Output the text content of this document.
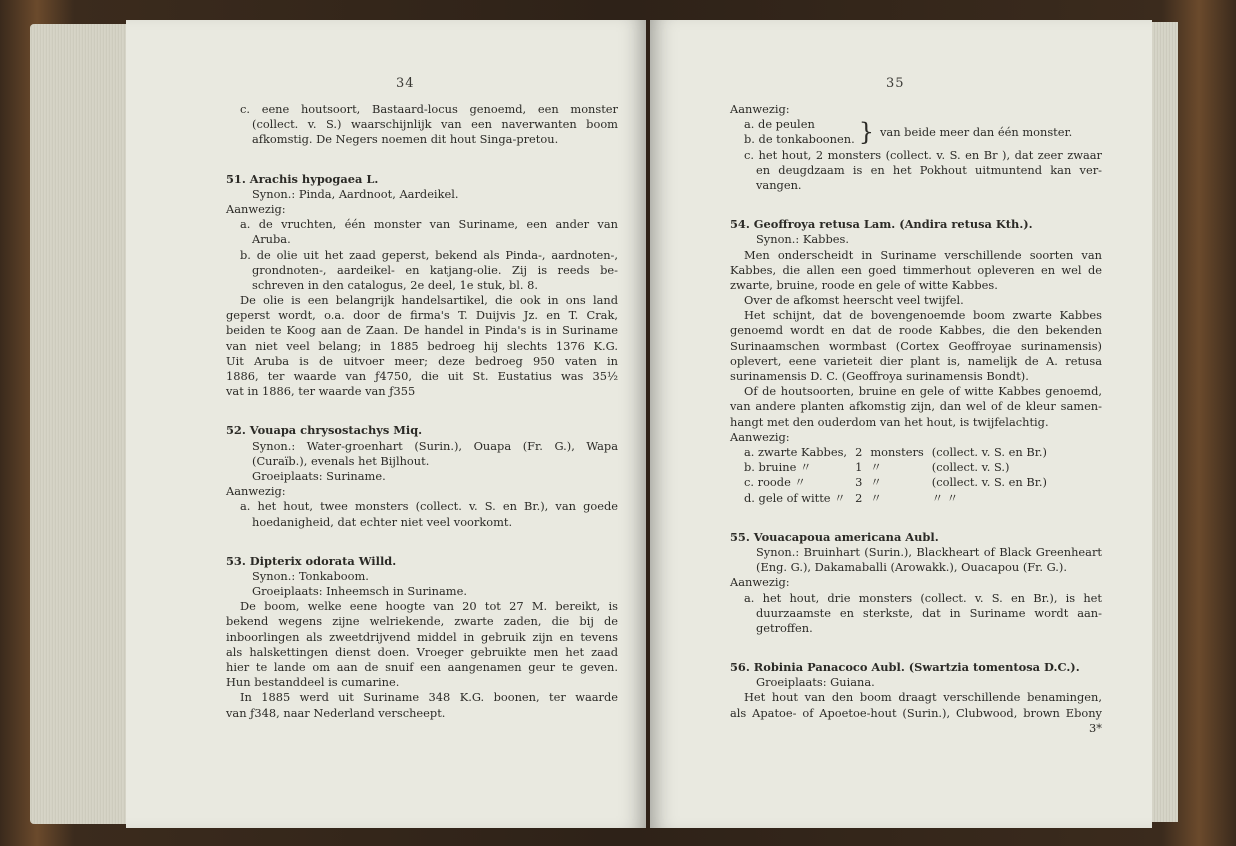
34
c. eene houtsoort, Bastaard-locus genoemd, een monster
(collect. v. S.) waarschijnlijk van een naverwanten boom
afkomstig. De Negers noemen dit hout Singa-pretou.
51. Arachis hypogaea L.
Synon.: Pinda, Aardnoot, Aardeikel.
Aanwezig:
a. de vruchten, één monster van Suriname, een ander van
Aruba.
b. de olie uit het zaad geperst, bekend als Pinda-, aardnoten-,
grondnoten-, aardeikel- en katjang-olie. Zij is reeds be-
schreven in den catalogus, 2e deel, 1e stuk, bl. 8.
De olie is een belangrijk handelsartikel, die ook in ons land
geperst wordt, o.a. door de firma's T. Duijvis Jz. en T. Crak,
beiden te Koog aan de Zaan. De handel in Pinda's is in Suriname
van niet veel belang; in 1885 bedroeg hij slechts 1376 K.G.
Uit Aruba is de uitvoer meer; deze bedroeg 950 vaten in
1886, ter waarde van ƒ4750, die uit St. Eustatius was 35½
vat in 1886, ter waarde van ƒ355
52. Vouapa chrysostachys Miq.
Synon.: Water-groenhart (Surin.), Ouapa (Fr. G.), Wapa
(Curaïb.), evenals het Bijlhout.
Groeiplaats: Suriname.
Aanwezig:
a. het hout, twee monsters (collect. v. S. en Br.), van goede
hoedanigheid, dat echter niet veel voorkomt.
53. Dipterix odorata Willd.
Synon.: Tonkaboom.
Groeiplaats: Inheemsch in Suriname.
De boom, welke eene hoogte van 20 tot 27 M. bereikt, is
bekend wegens zijne welriekende, zwarte zaden, die bij de
inboorlingen als zweetdrijvend middel in gebruik zijn en tevens
als halskettingen dienst doen. Vroeger gebruikte men het zaad
hier te lande om aan de snuif een aangenamen geur te geven.
Hun bestanddeel is cumarine.
In 1885 werd uit Suriname 348 K.G. boonen, ter waarde
van ƒ348, naar Nederland verscheept.
35
Aanwezig:
a. de peulen
b. de tonkaboonen. } van beide meer dan één monster.
c. het hout, 2 monsters (collect. v. S. en Br ), dat zeer zwaar
en deugdzaam is en het Pokhout uitmuntend kan ver-
vangen.
54. Geoffroya retusa Lam. (Andira retusa Kth.).
Synon.: Kabbes.
Men onderscheidt in Suriname verschillende soorten van
Kabbes, die allen een goed timmerhout opleveren en wel de
zwarte, bruine, roode en gele of witte Kabbes.
Over de afkomst heerscht veel twijfel.
Het schijnt, dat de bovengenoemde boom zwarte Kabbes
genoemd wordt en dat de roode Kabbes, die den bekenden
Surinaamschen wormbast (Cortex Geoffroyae surinamensis)
oplevert, eene varieteit dier plant is, namelijk de A. retusa
surinamensis D. C. (Geoffroya surinamensis Bondt).
Of de houtsoorten, bruine en gele of witte Kabbes genoemd,
van andere planten afkomstig zijn, dan wel of de kleur samen-
hangt met den ouderdom van het hout, is twijfelachtig.
Aanwezig:
a. zwarte Kabbes,	2	monsters	(collect. v. S. en Br.)
b. bruine 〃	1	〃	(collect. v. S.)
c. roode 〃	3	〃	(collect. v. S. en Br.)
d. gele of witte 〃	2	〃	〃 〃
55. Vouacapoua americana Aubl.
Synon.: Bruinhart (Surin.), Blackheart of Black Greenheart
(Eng. G.), Dakamaballi (Arowakk.), Ouacapou (Fr. G.).
Aanwezig:
a. het hout, drie monsters (collect. v. S. en Br.), is het
duurzaamste en sterkste, dat in Suriname wordt aan-
getroffen.
56. Robinia Panacoco Aubl. (Swartzia tomentosa D.C.).
Groeiplaats: Guiana.
Het hout van den boom draagt verschillende benamingen,
als Apatoe- of Apoetoe-hout (Surin.), Clubwood, brown Ebony
3*
